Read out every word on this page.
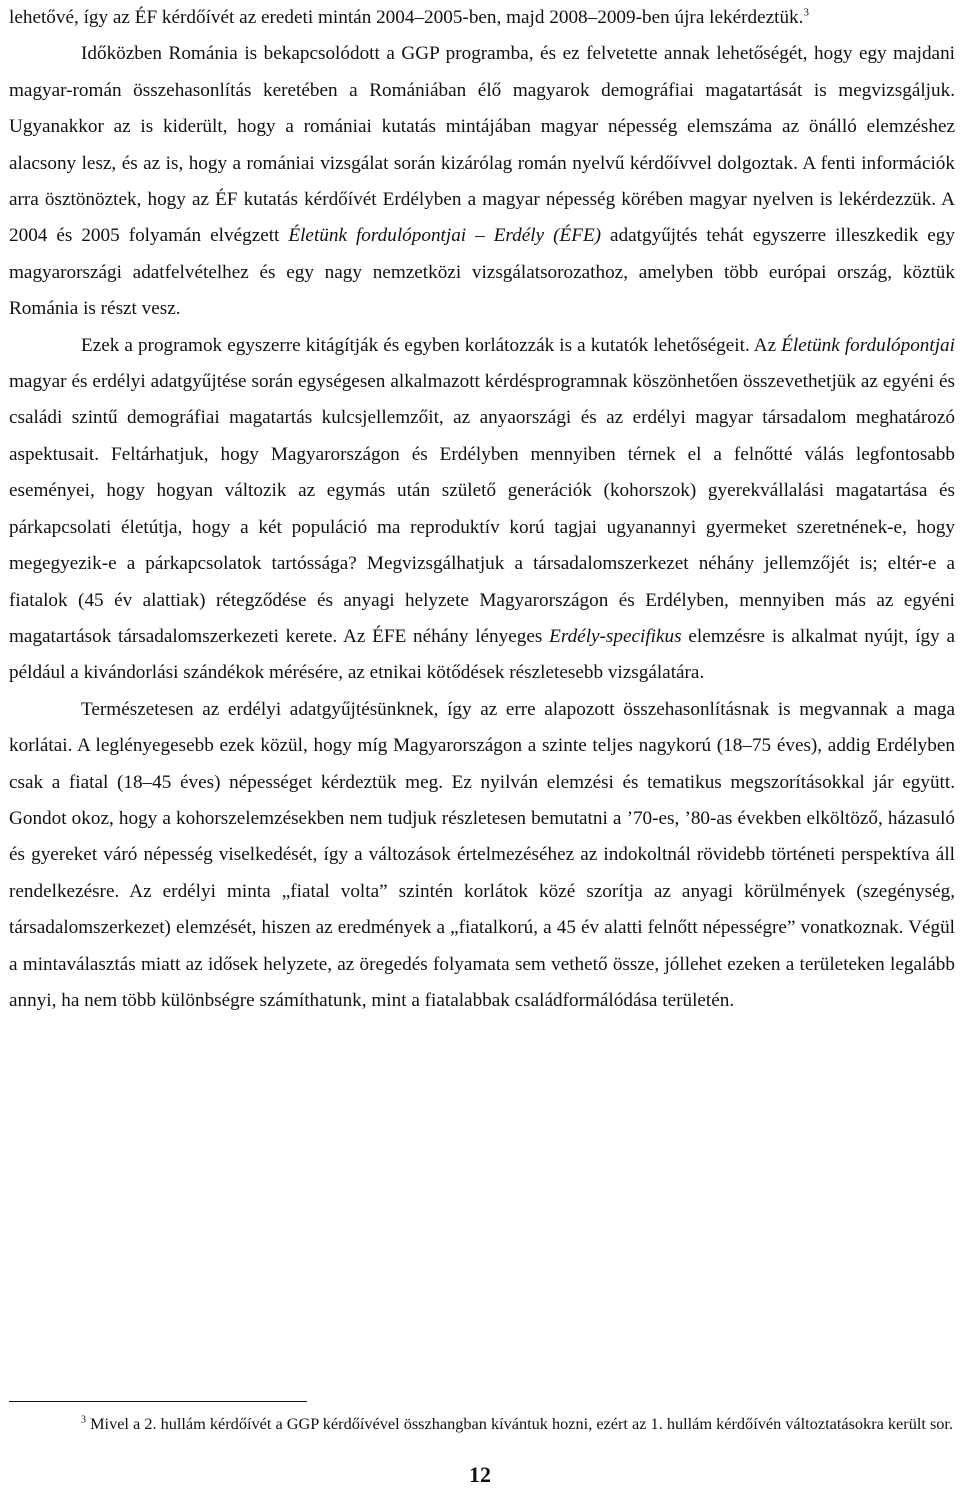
lehetővé, így az ÉF kérdőívét az eredeti mintán 2004–2005-ben, majd 2008–2009-ben újra lekérdeztük.$^3$

Időközben Románia is bekapcsolódott a GGP programba, és ez felvetette annak lehetőségét, hogy egy majdani magyar-román összehasonlítás keretében a Romániában élő magyarok demográfiai magatartását is megvizsgáljuk. Ugyanakkor az is kiderült, hogy a romániai kutatás mintájában magyar népesség elemszáma az önálló elemzéshez alacsony lesz, és az is, hogy a romániai vizsgálat során kizárólag román nyelvű kérdőívvel dolgoztak. A fenti információk arra ösztönöztek, hogy az ÉF kutatás kérdőívét Erdélyben a magyar népesség körében magyar nyelven is lekérdezzük. A 2004 és 2005 folyamán elvégzett Életünk fordulópontjai – Erdély (ÉFE) adatgyűjtés tehát egyszerre illeszkedik egy magyarországi adatfelvételhez és egy nagy nemzetközi vizsgálatsorozathoz, amelyben több európai ország, köztük Románia is részt vesz.

Ezek a programok egyszerre kitágítják és egyben korlátozzák is a kutatók lehetőségeit. Az Életünk fordulópontjai magyar és erdélyi adatgyűjtése során egységesen alkalmazott kérdésprogramnak köszönhetően összevethetjük az egyéni és családi szintű demográfiai magatartás kulcsjellemzőit, az anyaországi és az erdélyi magyar társadalom meghatározó aspektusait. Feltárhatjuk, hogy Magyarországon és Erdélyben mennyiben térnek el a felnőtté válás legfontosabb eseményei, hogy hogyan változik az egymás után születő generációk (kohorszok) gyerekvállalási magatartása és párkapcsolati életútja, hogy a két populáció ma reproduktív korú tagjai ugyanannyi gyermeket szeretnének-e, hogy megegyezik-e a párkapcsolatok tartóssága? Megvizsgálhatjuk a társadalomszerkezet néhány jellemzőjét is; eltér-e a fiatalok (45 év alattiak) rétegződése és anyagi helyzete Magyarországon és Erdélyben, mennyiben más az egyéni magatartások társadalomszerkezeti kerete. Az ÉFE néhány lényeges Erdély-specifikus elemzésre is alkalmat nyújt, így a például a kivándorlási szándékok mérésére, az etnikai kötődések részletesebb vizsgálatára.

Természetesen az erdélyi adatgyűjtésünknek, így az erre alapozott összehasonlításnak is megvannak a maga korlátai. A leglényegesebb ezek közül, hogy míg Magyarországon a szinte teljes nagykorú (18–75 éves), addig Erdélyben csak a fiatal (18–45 éves) népességet kérdeztük meg. Ez nyilván elemzési és tematikus megszorításokkal jár együtt. Gondot okoz, hogy a kohorszelemzésekben nem tudjuk részletesen bemutatni a ’70-es, ’80-as években elköltöző, házasuló és gyereket váró népesség viselkedését, így a változások értelmezéséhez az indokoltnál rövidebb történeti perspektíva áll rendelkezésre. Az erdélyi minta „fiatal volta” szintén korlátok közé szorítja az anyagi körülmények (szegénység, társadalomszerkezet) elemzését, hiszen az eredmények a „fiatalkorú, a 45 év alatti felnőtt népességre” vonatkoznak. Végül a mintaválasztás miatt az idősek helyzete, az öregedés folyamata sem vethető össze, jóllehet ezeken a területeken legalább annyi, ha nem több különbségre számíthatunk, mint a fiatalabbak családformálódása területén.

$^3$ Mivel a 2. hullám kérdőívét a GGP kérdőívével összhangban kívántuk hozni, ezért az 1. hullám kérdőívén változtatásokra került sor.

12
